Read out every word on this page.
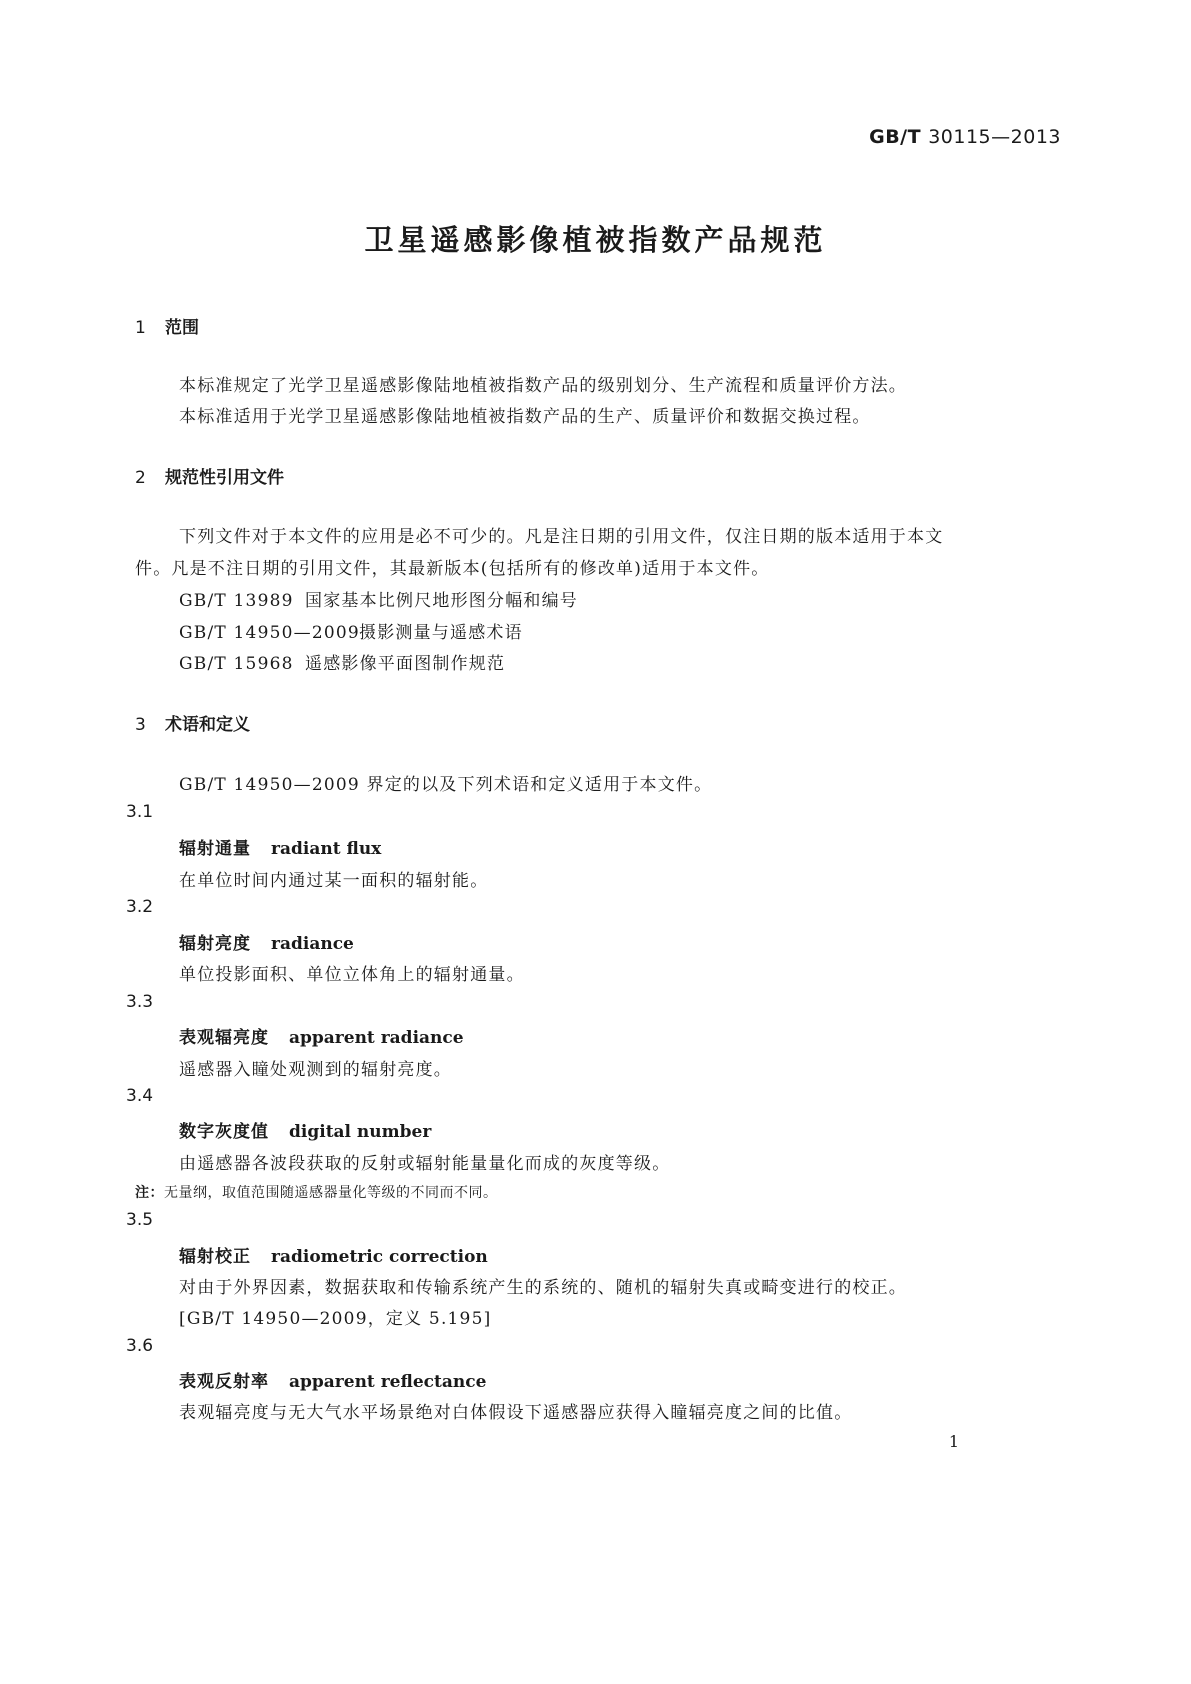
GB/T 30115—2013
卫星遥感影像植被指数产品规范
1 范围
本标准规定了光学卫星遥感影像陆地植被指数产品的级别划分、生产流程和质量评价方法。
本标准适用于光学卫星遥感影像陆地植被指数产品的生产、质量评价和数据交换过程。
2 规范性引用文件
下列文件对于本文件的应用是必不可少的。凡是注日期的引用文件，仅注日期的版本适用于本文
件。凡是不注日期的引用文件，其最新版本(包括所有的修改单)适用于本文件。
GB/T 13989 国家基本比例尺地形图分幅和编号
GB/T 14950—2009摄影测量与遥感术语
GB/T 15968 遥感影像平面图制作规范
3 术语和定义
GB/T 14950—2009 界定的以及下列术语和定义适用于本文件。
3.1
辐射通量 radiant flux
在单位时间内通过某一面积的辐射能。
3.2
辐射亮度 radiance
单位投影面积、单位立体角上的辐射通量。
3.3
表观辐亮度 apparent radiance
遥感器入瞳处观测到的辐射亮度。
3.4
数字灰度值 digital number
由遥感器各波段获取的反射或辐射能量量化而成的灰度等级。
注：无量纲，取值范围随遥感器量化等级的不同而不同。
3.5
辐射校正 radiometric correction
对由于外界因素，数据获取和传输系统产生的系统的、随机的辐射失真或畸变进行的校正。
[GB/T 14950—2009，定义 5.195]
3.6
表观反射率 apparent reflectance
表观辐亮度与无大气水平场景绝对白体假设下遥感器应获得入瞳辐亮度之间的比值。
1
